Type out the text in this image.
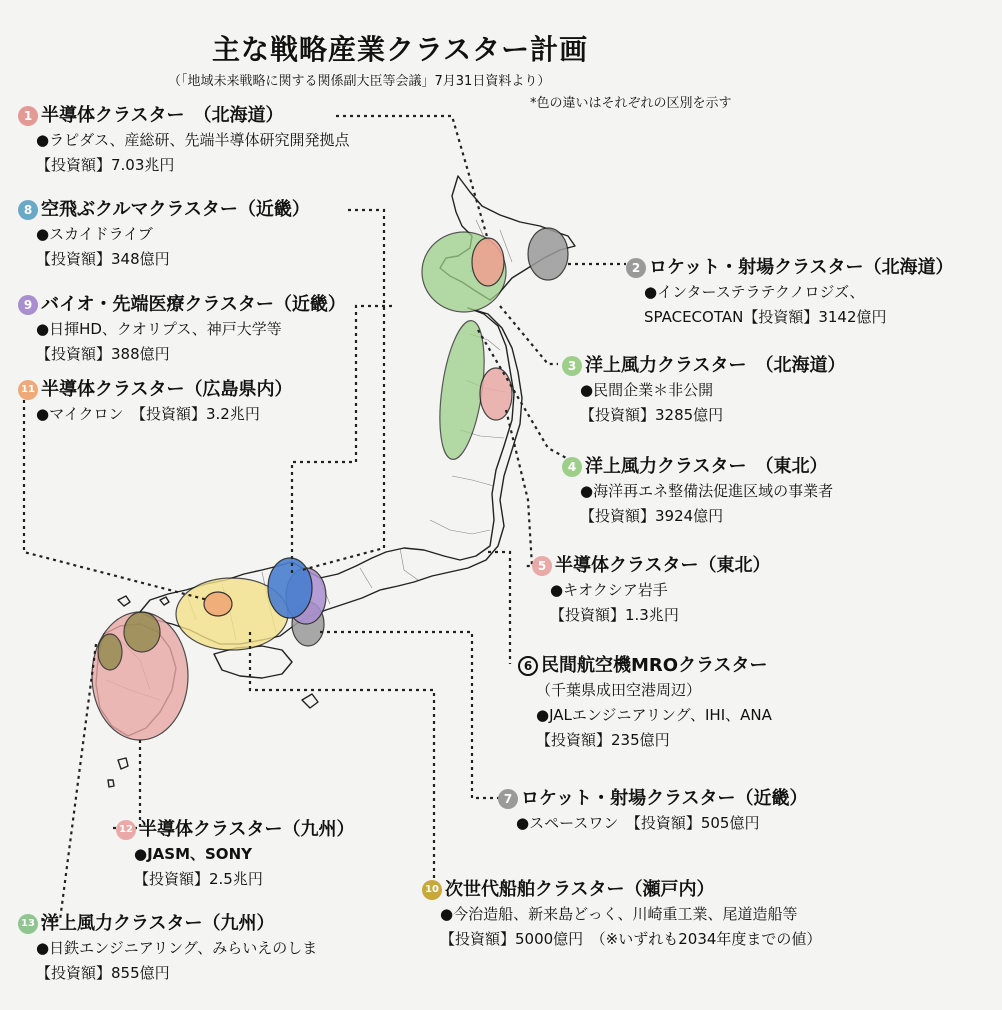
主な戦略産業クラスター計画
（「地域未来戦略に関する関係副大臣等会議」7月31日資料より）
*色の違いはそれぞれの区別を示す
1 半導体クラスター　（北海道）
●ラピダス、産総研、先端半導体研究開発拠点
【投資額】7.03兆円
8 空飛ぶクルマクラスター（近畿）
●スカイドライブ
【投資額】348億円
9 バイオ・先端医療クラスター（近畿）
●日揮HD、クオリプス、神戸大学等
【投資額】388億円
11 半導体クラスター（広島県内）
●マイクロン　【投資額】3.2兆円
2 ロケット・射場クラスター（北海道）
●インターステラテクノロジズ、
SPACECOTAN【投資額】3142億円
3 洋上風力クラスター　（北海道）
●民間企業＊非公開
【投資額】3285億円
4 洋上風力クラスター　（東北）
●海洋再エネ整備法促進区域の事業者
【投資額】3924億円
5 半導体クラスター（東北）
●キオクシア岩手
【投資額】1.3兆円
6 民間航空機MROクラスター
（千葉県成田空港周辺）
●JALエンジニアリング、IHI、ANA
【投資額】235億円
7 ロケット・射場クラスター（近畿）
●スペースワン　【投資額】505億円
12 半導体クラスター（九州）
●JASM、SONY
【投資額】2.5兆円
10 次世代船舶クラスター（瀬戸内）
●今治造船、新来島どっく、川崎重工業、尾道造船等
【投資額】5000億円　（※いずれも2034年度までの値）
13 洋上風力クラスター（九州）
●日鉄エンジニアリング、みらいえのしま
【投資額】855億円
